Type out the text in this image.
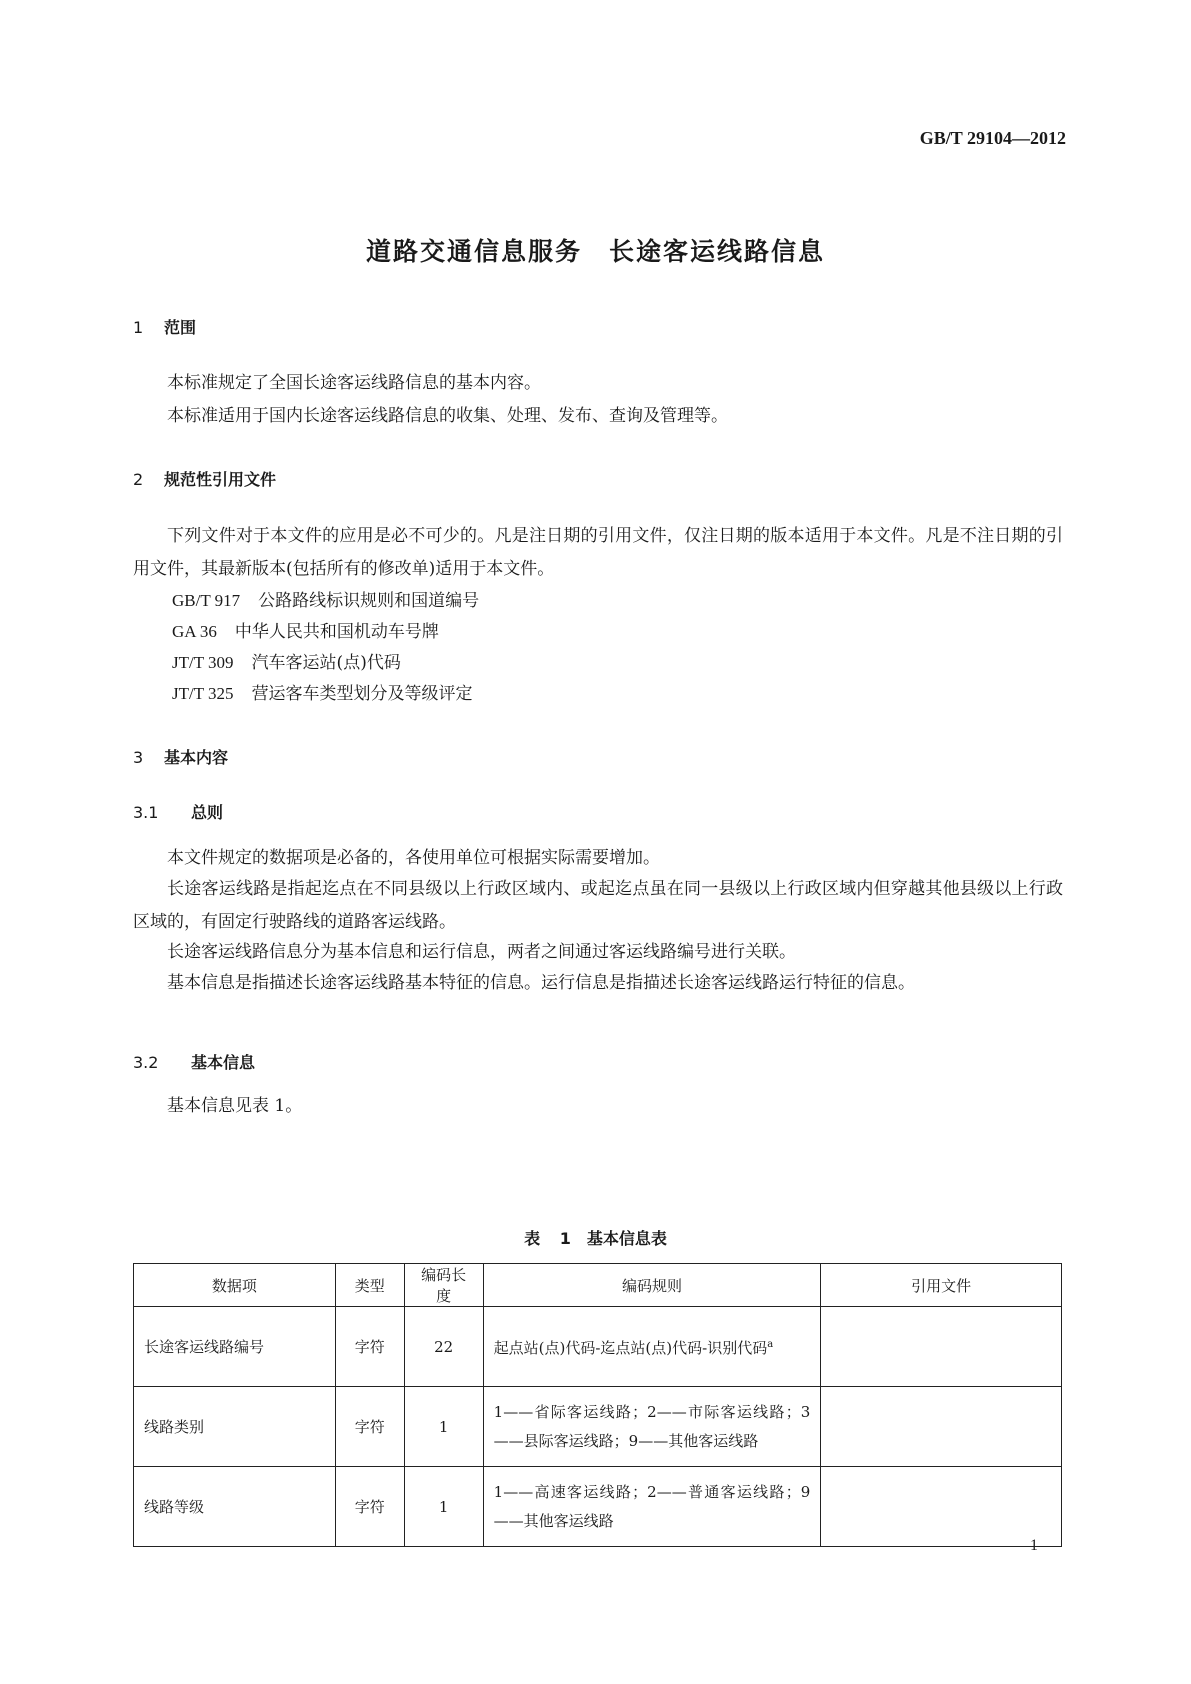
GB/T 29104—2012
道路交通信息服务　长途客运线路信息
1 范围
本标准规定了全国长途客运线路信息的基本内容。
本标准适用于国内长途客运线路信息的收集、处理、发布、查询及管理等。
2 规范性引用文件
下列文件对于本文件的应用是必不可少的。凡是注日期的引用文件，仅注日期的版本适用于本文件。凡是不注日期的引用文件，其最新版本(包括所有的修改单)适用于本文件。
GB/T 917 公路路线标识规则和国道编号
GA 36 中华人民共和国机动车号牌
JT/T 309 汽车客运站(点)代码
JT/T 325 营运客车类型划分及等级评定
3 基本内容
3.1 总则
本文件规定的数据项是必备的，各使用单位可根据实际需要增加。
长途客运线路是指起迄点在不同县级以上行政区域内、或起迄点虽在同一县级以上行政区域内但穿越其他县级以上行政区域的，有固定行驶路线的道路客运线路。
长途客运线路信息分为基本信息和运行信息，两者之间通过客运线路编号进行关联。
基本信息是指描述长途客运线路基本特征的信息。运行信息是指描述长途客运线路运行特征的信息。
3.2 基本信息
基本信息见表 1。
表 1　基本信息表
数据项	类型	编码长度	编码规则	引用文件
长途客运线路编号	字符	22	起点站(点)代码-迄点站(点)代码-识别代码$^a$	
线路类别	字符	1	1——省际客运线路；2——市际客运线路；3——县际客运线路；9——其他客运线路	
线路等级	字符	1	1——高速客运线路；2——普通客运线路；9——其他客运线路	
1
